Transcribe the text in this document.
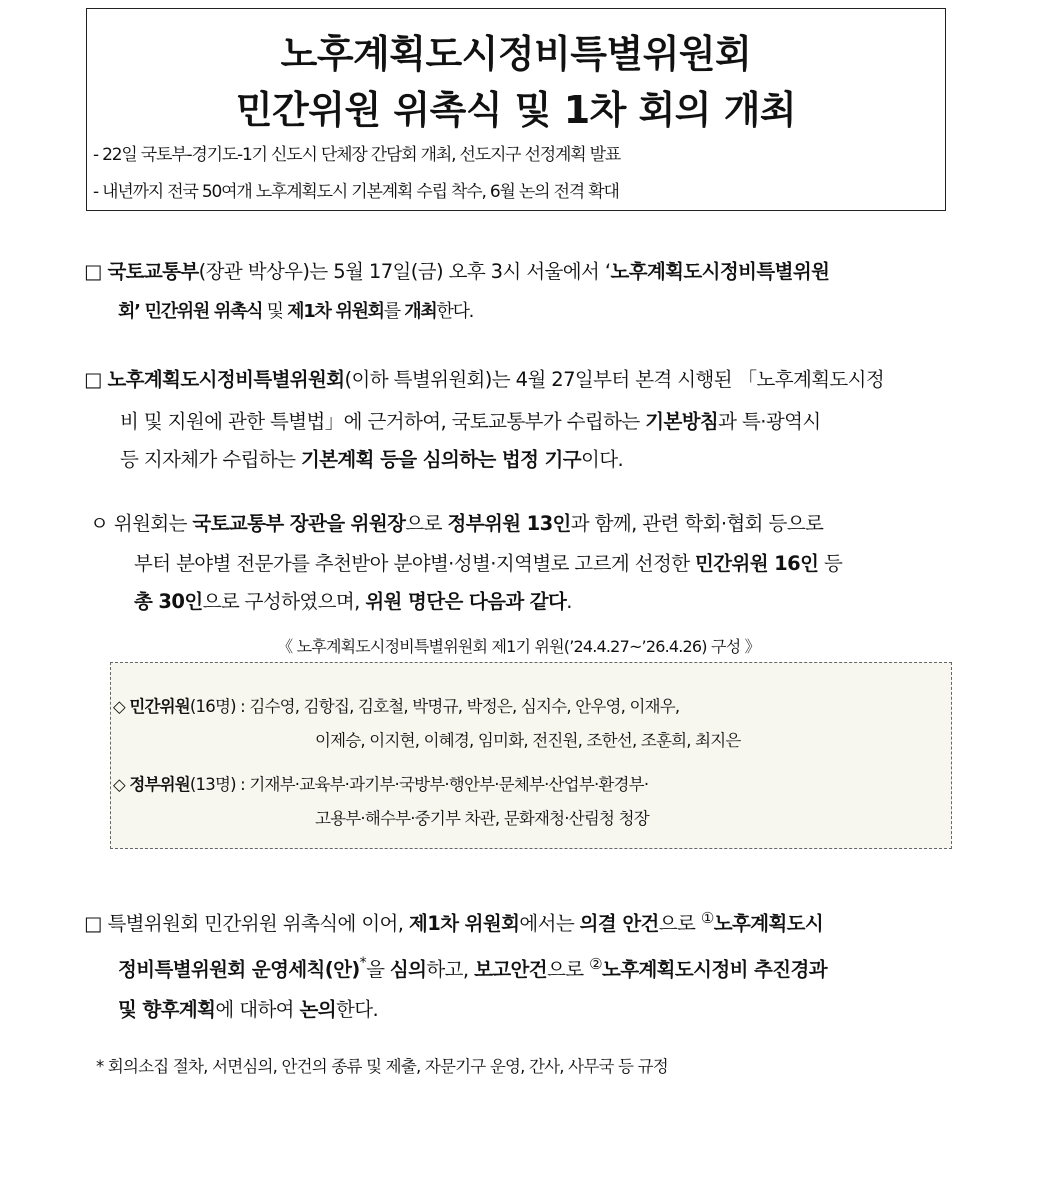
노후계획도시정비특별위원회
민간위원 위촉식 및 1차 회의 개최
- 22일 국토부-경기도-1기 신도시 단체장 간담회 개최, 선도지구 선정계획 발표
- 내년까지 전국 50여개 노후계획도시 기본계획 수립 착수, 6월 논의 전격 확대
□ 국토교통부(장관 박상우)는 5월 17일(금) 오후 3시 서울에서 ‘노후계획도시정비특별위원
회’ 민간위원 위촉식 및 제1차 위원회를 개최한다.
□ 노후계획도시정비특별위원회(이하 특별위원회)는 4월 27일부터 본격 시행된 「노후계획도시정
비 및 지원에 관한 특별법」에 근거하여, 국토교통부가 수립하는 기본방침과 특·광역시
등 지자체가 수립하는 기본계획 등을 심의하는 법정 기구이다.
ㅇ 위원회는 국토교통부 장관을 위원장으로 정부위원 13인과 함께, 관련 학회·협회 등으로
부터 분야별 전문가를 추천받아 분야별·성별·지역별로 고르게 선정한 민간위원 16인 등
총 30인으로 구성하였으며, 위원 명단은 다음과 같다.
《 노후계획도시정비특별위원회 제1기 위원(’24.4.27~’26.4.26) 구성 》
◇ 민간위원(16명) : 김수영, 김항집, 김호철, 박명규, 박정은, 심지수, 안우영, 이재우,
이제승, 이지현, 이혜경, 임미화, 전진원, 조한선, 조훈희, 최지은
◇ 정부위원(13명) : 기재부·교육부·과기부·국방부·행안부·문체부·산업부·환경부·
고용부·해수부·중기부 차관, 문화재청·산림청 청장
□ 특별위원회 민간위원 위촉식에 이어, 제1차 위원회에서는 의결 안건으로 ①노후계획도시
정비특별위원회 운영세칙(안)*을 심의하고, 보고안건으로 ②노후계획도시정비 추진경과
및 향후계획에 대하여 논의한다.
* 회의소집 절차, 서면심의, 안건의 종류 및 제출, 자문기구 운영, 간사, 사무국 등 규정
